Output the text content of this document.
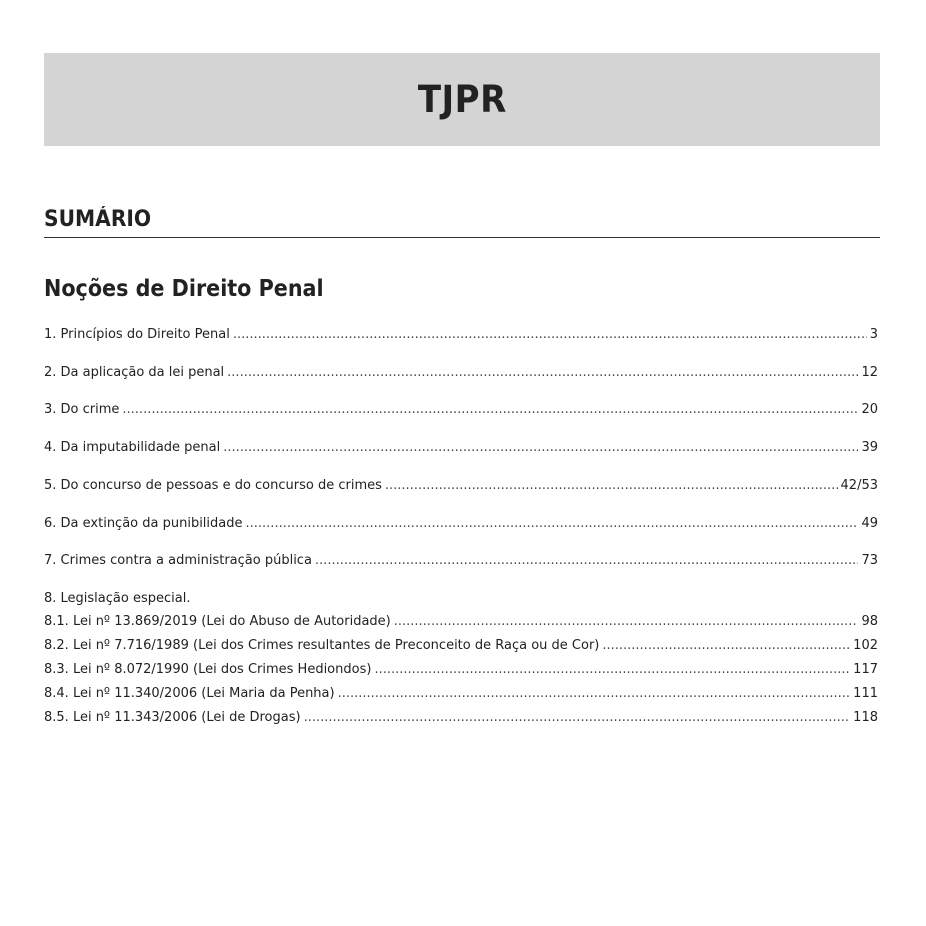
TJPR
SUMÁRIO
Noções de Direito Penal
1. Princípios do Direito Penal .....	3
2. Da aplicação da lei penal .....	12
3. Do crime .....	20
4. Da imputabilidade penal .....	39
5. Do concurso de pessoas e do concurso de crimes .....	42/53
6. Da extinção da punibilidade .....	49
7. Crimes contra a administração pública .....	73
8. Legislação especial.
8.1. Lei nº 13.869/2019 (Lei do Abuso de Autoridade) .....	98
8.2. Lei nº 7.716/1989 (Lei dos Crimes resultantes de Preconceito de Raça ou de Cor) .....	102
8.3. Lei nº 8.072/1990 (Lei dos Crimes Hediondos) .....	117
8.4. Lei nº 11.340/2006 (Lei Maria da Penha) .....	111
8.5. Lei nº 11.343/2006 (Lei de Drogas) .....	118
